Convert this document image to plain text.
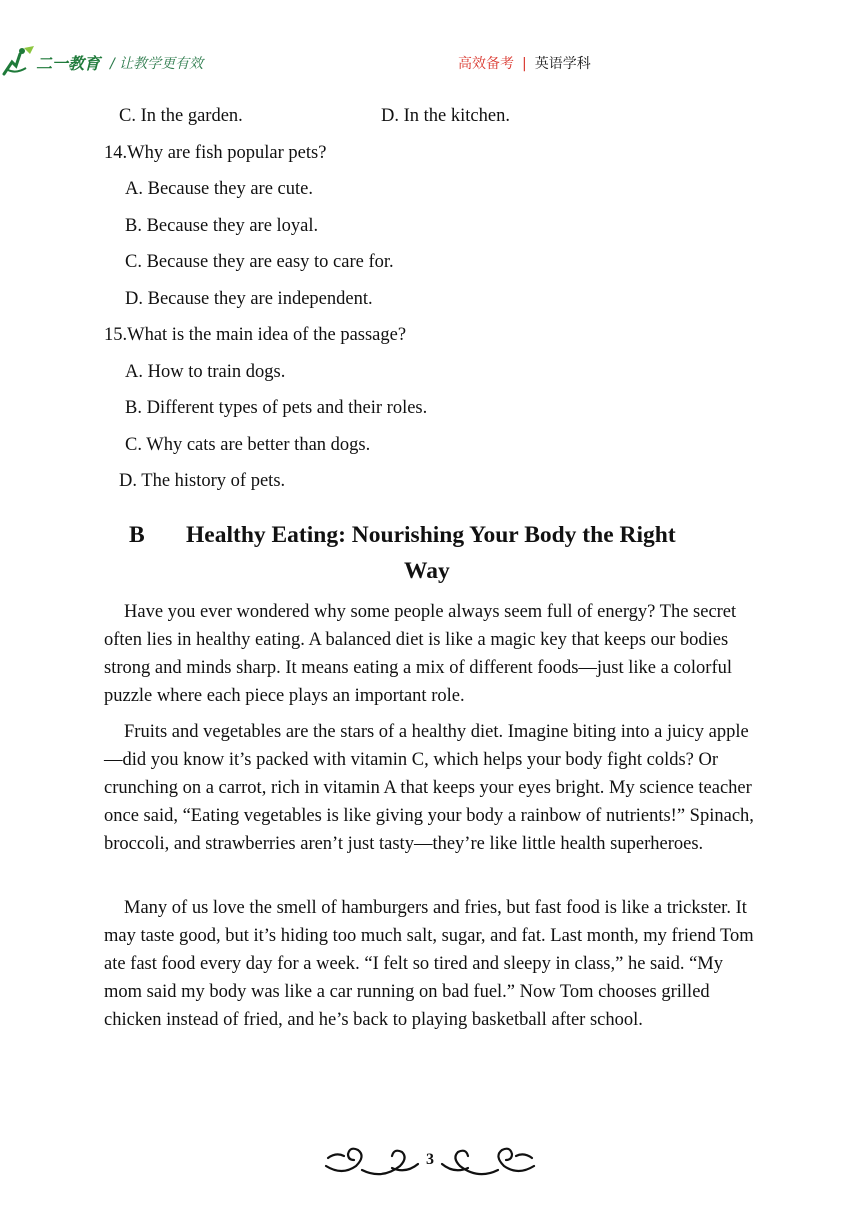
二一教育 / 让教学更有效	高效备考 | 英语学科
C. In the garden.	D. In the kitchen.
14.Why are fish popular pets?
A. Because they are cute.
B. Because they are loyal.
C. Because they are easy to care for.
D. Because they are independent.
15.What is the main idea of the passage?
A. How to train dogs.
B. Different types of pets and their roles.
C. Why cats are better than dogs.
D. The history of pets.
B Healthy Eating: Nourishing Your Body the Right
Way

Have you ever wondered why some people always seem full of energy? The secret often lies in healthy eating. A balanced diet is like a magic key that keeps our bodies strong and minds sharp. It means eating a mix of different foods—just like a colorful puzzle where each piece plays an important role.

Fruits and vegetables are the stars of a healthy diet. Imagine biting into a juicy apple—did you know it’s packed with vitamin C, which helps your body fight colds? Or crunching on a carrot, rich in vitamin A that keeps your eyes bright. My science teacher once said, “Eating vegetables is like giving your body a rainbow of nutrients!” Spinach, broccoli, and strawberries aren’t just tasty—they’re like little health superheroes.

Many of us love the smell of hamburgers and fries, but fast food is like a trickster. It may taste good, but it’s hiding too much salt, sugar, and fat. Last month, my friend Tom ate fast food every day for a week. “I felt so tired and sleepy in class,” he said. “My mom said my body was like a car running on bad fuel.” Now Tom chooses grilled chicken instead of fried, and he’s back to playing basketball after school.

3
